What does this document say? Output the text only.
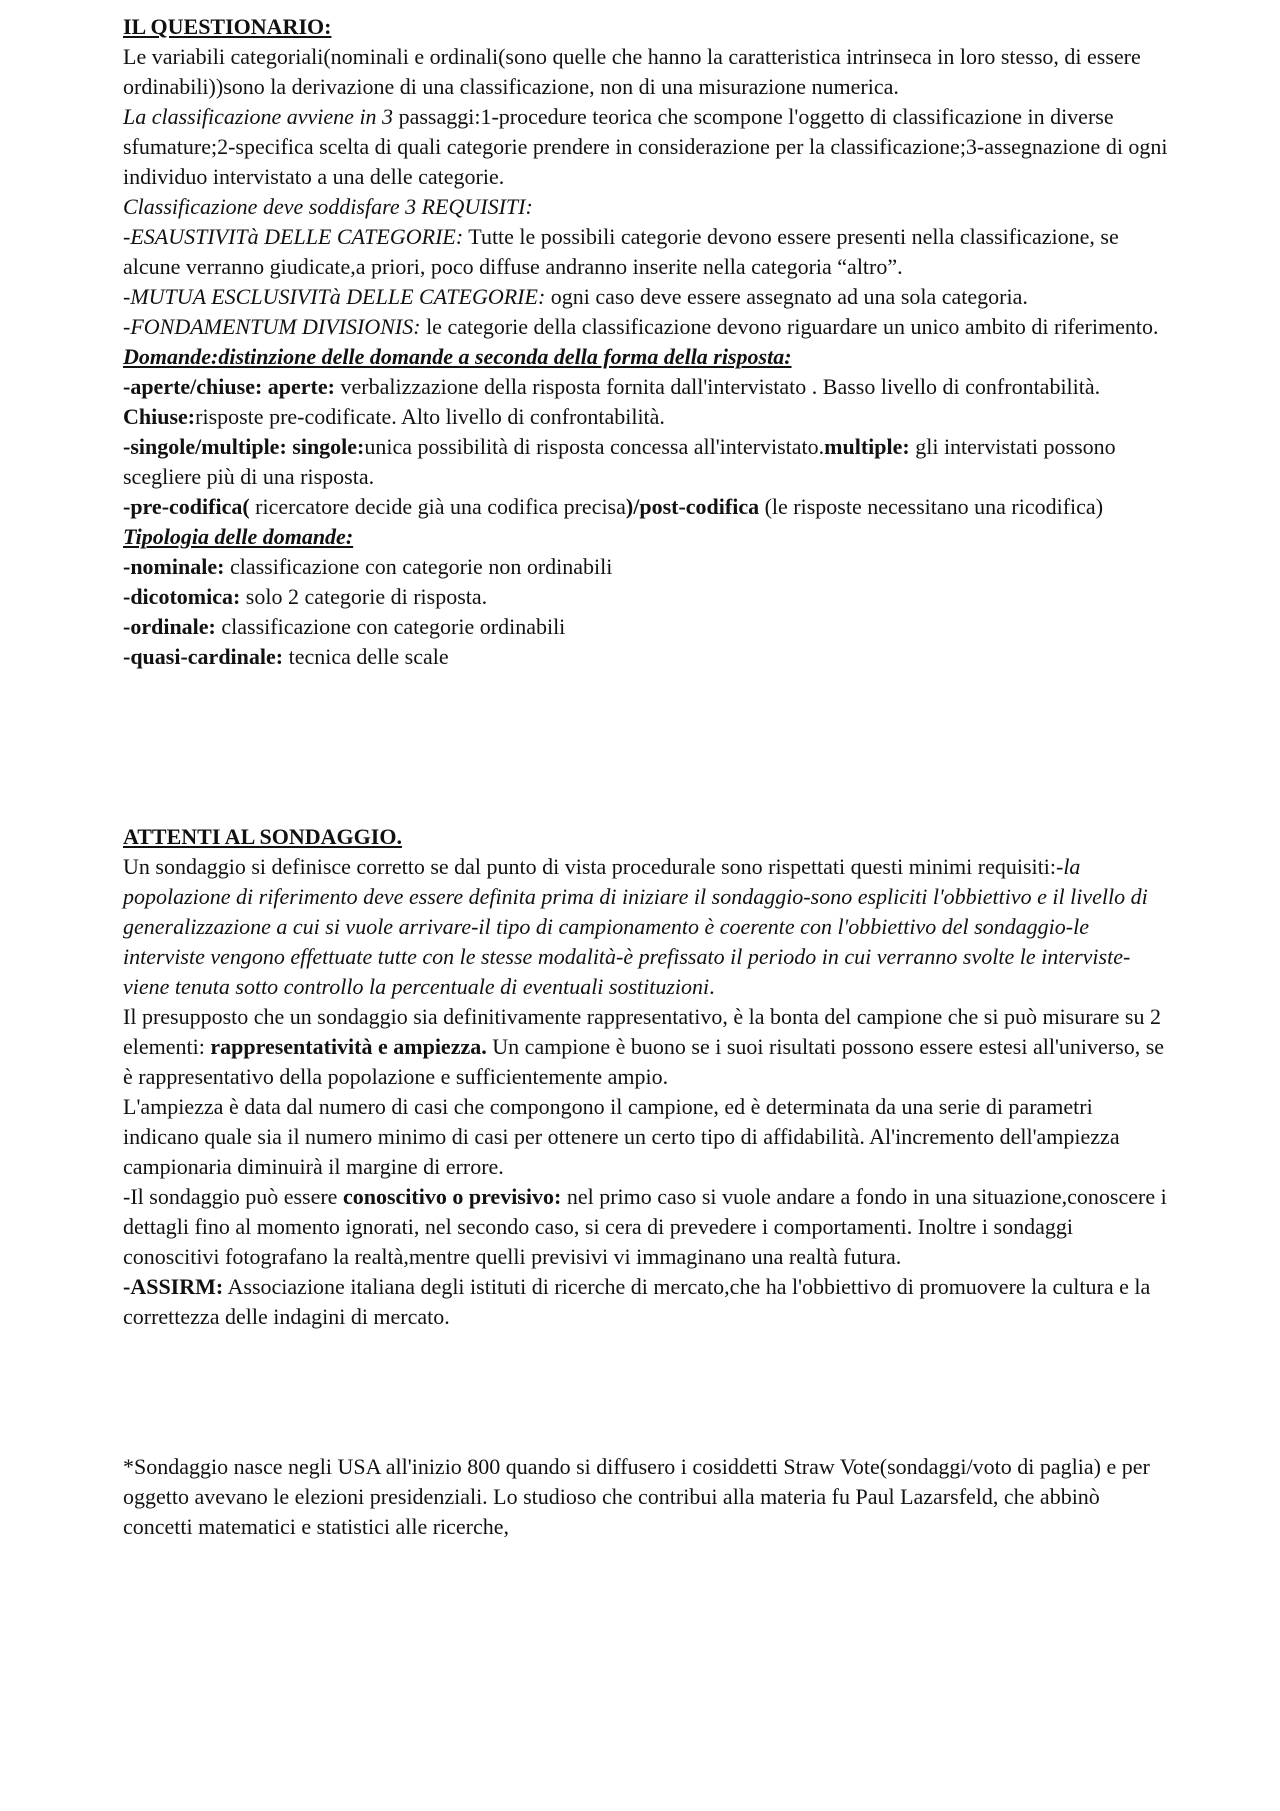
IL QUESTIONARIO:

Le variabili categoriali(nominali e ordinali(sono quelle che hanno la caratteristica intrinseca in loro stesso, di essere ordinabili))sono la derivazione di una classificazione, non di una misurazione numerica.

La classificazione avviene in 3 passaggi:1-procedure teorica che scompone l'oggetto di classificazione in diverse sfumature;2-specifica scelta di quali categorie prendere in considerazione per la classificazione;3-assegnazione di ogni individuo intervistato a una delle categorie.

Classificazione deve soddisfare 3 REQUISITI:

-ESAUSTIVITà DELLE CATEGORIE: Tutte le possibili categorie devono essere presenti nella classificazione, se alcune verranno giudicate,a priori, poco diffuse andranno inserite nella categoria “altro”.

-MUTUA ESCLUSIVITà DELLE CATEGORIE: ogni caso deve essere assegnato ad una sola categoria.

-FONDAMENTUM DIVISIONIS: le categorie della classificazione devono riguardare un unico ambito di riferimento.

Domande:distinzione delle domande a seconda della forma della risposta:

-aperte/chiuse: aperte: verbalizzazione della risposta fornita dall'intervistato . Basso livello di confrontabilità. Chiuse:risposte pre-codificate. Alto livello di confrontabilità.

-singole/multiple: singole:unica possibilità di risposta concessa all'intervistato.multiple: gli intervistati possono scegliere più di una risposta.

-pre-codifica( ricercatore decide già una codifica precisa)/post-codifica (le risposte necessitano una ricodifica)

Tipologia delle domande:

-nominale: classificazione con categorie non ordinabili

-dicotomica: solo 2 categorie di risposta.

-ordinale: classificazione con categorie ordinabili

-quasi-cardinale: tecnica delle scale

ATTENTI AL SONDAGGIO.

Un sondaggio si definisce corretto se dal punto di vista procedurale sono rispettati questi minimi requisiti:-la popolazione di riferimento deve essere definita prima di iniziare il sondaggio-sono espliciti l'obbiettivo e il livello di generalizzazione a cui si vuole arrivare-il tipo di campionamento è coerente con l'obbiettivo del sondaggio-le interviste vengono effettuate tutte con le stesse modalità-è prefissato il periodo in cui verranno svolte le interviste-viene tenuta sotto controllo la percentuale di eventuali sostituzioni.

Il presupposto che un sondaggio sia definitivamente rappresentativo, è la bonta del campione che si può misurare su 2 elementi: rappresentatività e ampiezza. Un campione è buono se i suoi risultati possono essere estesi all'universo, se è rappresentativo della popolazione e sufficientemente ampio.

L'ampiezza è data dal numero di casi che compongono il campione, ed è determinata da una serie di parametri indicano quale sia il numero minimo di casi per ottenere un certo tipo di affidabilità. Al'incremento dell'ampiezza campionaria diminuirà il margine di errore.

-Il sondaggio può essere conoscitivo o previsivo: nel primo caso si vuole andare a fondo in una situazione,conoscere i dettagli fino al momento ignorati, nel secondo caso, si cera di prevedere i comportamenti. Inoltre i sondaggi conoscitivi fotografano la realtà,mentre quelli previsivi vi immaginano una realtà futura.

-ASSIRM: Associazione italiana degli istituti di ricerche di mercato,che ha l'obbiettivo di promuovere la cultura e la correttezza delle indagini di mercato.

*Sondaggio nasce negli USA all'inizio 800 quando si diffusero i cosiddetti Straw Vote(sondaggi/voto di paglia) e per oggetto avevano le elezioni presidenziali. Lo studioso che contribui alla materia fu Paul Lazarsfeld, che abbinò concetti matematici e statistici alle ricerche,
